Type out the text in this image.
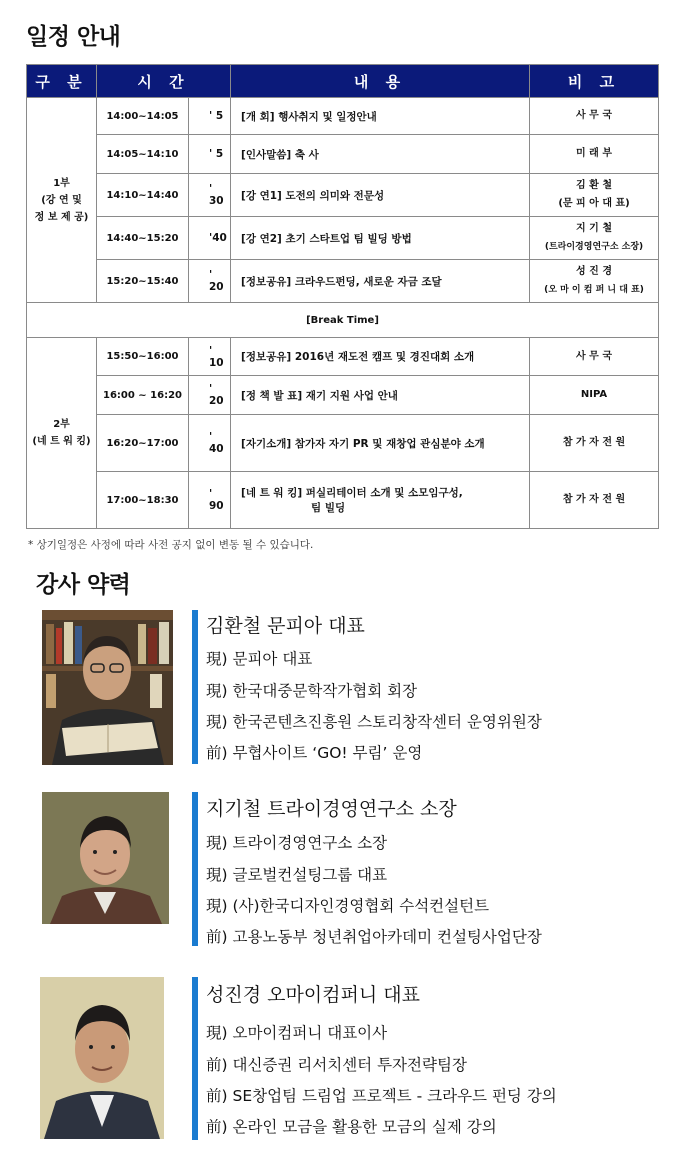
일정 안내
구 분	시 간		내 용	비 고

1부
(강 연 및
정 보 제 공)	14:00~14:05	' 5	[개 회] 행사취지 및 일정안내	사 무 국

	14:05~14:10	' 5	[인사말씀] 축 사	미 래 부

	14:10~14:40	' 30	[강 연1] 도전의 의미와 전문성	김 환 철
(문 피 아 대 표)

	14:40~15:20	'40	[강 연2] 초기 스타트업 팀 빌딩 방법	지 기 철
(트라이경영연구소 소장)

	15:20~15:40	' 20	[정보공유] 크라우드펀딩, 새로운 자금 조달	성 진 경
(오 마 이 컴 퍼 니 대 표)

[Break Time]				

2부
(네 트 워 킹)	15:50~16:00	' 10	[정보공유] 2016년 재도전 캠프 및 경진대회 소개	사 무 국

	16:00 ~ 16:20	' 20	[정 책 발 표] 재기 지원 사업 안내	NIPA

	16:20~17:00	' 40	[자기소개] 참가자 자기 PR 및 재창업 관심분야 소개	참 가 자 전 원

	17:00~18:30	' 90	[네 트 워 킹] 퍼실리테이터 소개 및 소모임구성,
팀 빌딩	참 가 자 전 원
* 상기일정은 사정에 따라 사전 공지 없이 변동 될 수 있습니다.
강사 약력
김환철 문피아 대표
現) 문피아 대표
現) 한국대중문학작가협회 회장
現) 한국콘텐츠진흥원 스토리창작센터 운영위원장
前) 무협사이트 ‘GO! 무림’ 운영
지기철 트라이경영연구소 소장
現) 트라이경영연구소 소장
現) 글로벌컨설팅그룹 대표
現) (사)한국디자인경영협회 수석컨설턴트
前) 고용노동부 청년취업아카데미 컨설팅사업단장
성진경 오마이컴퍼니 대표
現) 오마이컴퍼니 대표이사
前) 대신증권 리서치센터 투자전략팀장
前) SE창업팀 드림업 프로젝트 - 크라우드 펀딩 강의
前) 온라인 모금을 활용한 모금의 실제 강의
